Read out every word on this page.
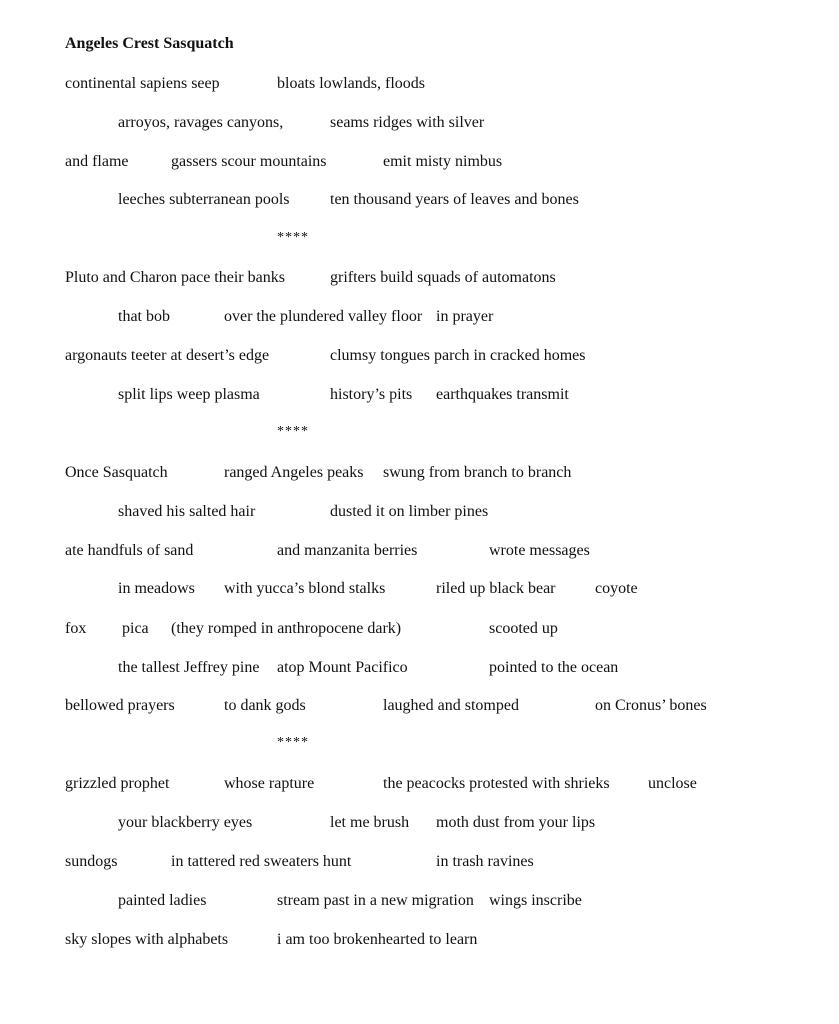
Angeles Crest Sasquatch
continental sapiens seep	bloats lowlands, floods
arroyos, ravages canyons,	seams ridges with silver
and flame	gassers scour mountains	emit misty nimbus
leeches subterranean pools	ten thousand years of leaves and bones
****
Pluto and Charon pace their banks	grifters build squads of automatons
that bob	over the plundered valley floor in prayer
argonauts teeter at desert’s edge	clumsy tongues parch in cracked homes
split lips weep plasma	history’s pits earthquakes transmit
****
Once Sasquatch	ranged Angeles peaks swung from branch to branch
shaved his salted hair	dusted it on limber pines
ate handfuls of sand	and manzanita berries	wrote messages
in meadows with yucca’s blond stalks	riled up black bear coyote
fox pica (they romped in anthropocene dark)	scooted up
the tallest Jeffrey pine atop Mount Pacifico	pointed to the ocean
bellowed prayers	to dank gods	laughed and stomped	on Cronus’ bones
****
grizzled prophet	whose rapture	the peacocks protested with shrieks unclose
your blackberry eyes	let me brush moth dust from your lips
sundogs	in tattered red sweaters hunt	in trash ravines
painted ladies	stream past in a new migration wings inscribe
sky slopes with alphabets	i am too brokenhearted to learn
